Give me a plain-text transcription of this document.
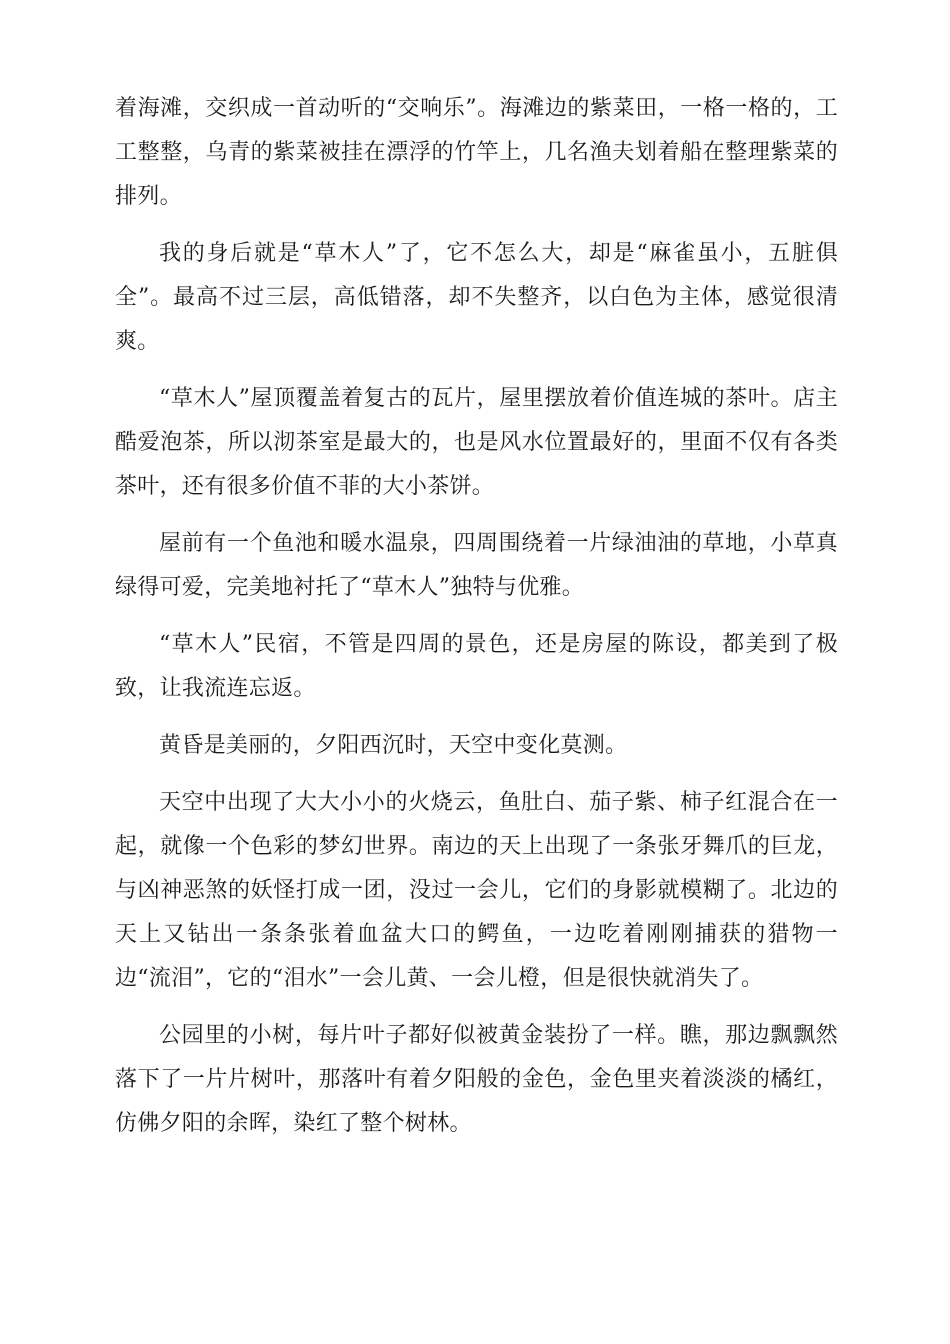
着海滩，交织成一首动听的“交响乐”。海滩边的紫菜田，一格一格的，工工整整，乌青的紫菜被挂在漂浮的竹竿上，几名渔夫划着船在整理紫菜的排列。

我的身后就是“草木人”了，它不怎么大，却是“麻雀虽小，五脏俱全”。最高不过三层，高低错落，却不失整齐，以白色为主体，感觉很清爽。

“草木人”屋顶覆盖着复古的瓦片，屋里摆放着价值连城的茶叶。店主酷爱泡茶，所以沏茶室是最大的，也是风水位置最好的，里面不仅有各类茶叶，还有很多价值不菲的大小茶饼。

屋前有一个鱼池和暖水温泉，四周围绕着一片绿油油的草地，小草真绿得可爱，完美地衬托了“草木人”独特与优雅。

“草木人”民宿，不管是四周的景色，还是房屋的陈设，都美到了极致，让我流连忘返。

黄昏是美丽的，夕阳西沉时，天空中变化莫测。

天空中出现了大大小小的火烧云，鱼肚白、茄子紫、柿子红混合在一起，就像一个色彩的梦幻世界。南边的天上出现了一条张牙舞爪的巨龙，与凶神恶煞的妖怪打成一团，没过一会儿，它们的身影就模糊了。北边的天上又钻出一条条张着血盆大口的鳄鱼，一边吃着刚刚捕获的猎物一边“流泪”，它的“泪水”一会儿黄、一会儿橙，但是很快就消失了。

公园里的小树，每片叶子都好似被黄金装扮了一样。瞧，那边飘飘然落下了一片片树叶，那落叶有着夕阳般的金色，金色里夹着淡淡的橘红，仿佛夕阳的余晖，染红了整个树林。
